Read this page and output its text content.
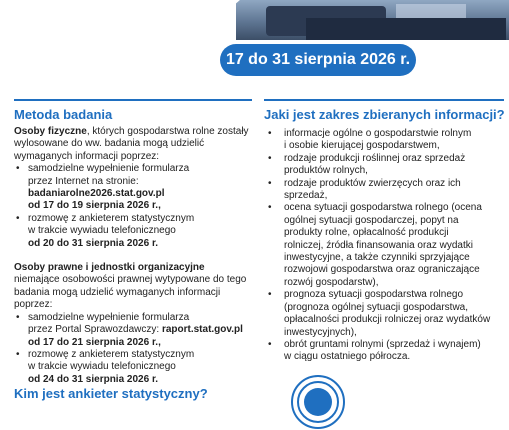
17 do 31 sierpnia 2026 r.
Metoda badania	Jaki jest zakres zbieranych informacji?

Osoby fizyczne, których gospodarstwa rolne zostały wylosowane do ww. badania mogą udzielić wymaganych informacji poprzez:

• samodzielne wypełnienie formularza
przez Internet na stronie:
badaniarolne2026.stat.gov.pl
od 17 do 19 sierpnia 2026 r.,
• rozmowę z ankieterem statystycznym
w trakcie wywiadu telefonicznego
od 20 do 31 sierpnia 2026 r.

Osoby prawne i jednostki organizacyjne niemające osobowości prawnej wytypowane do tego badania mogą udzielić wymaganych informacji poprzez:

• samodzielne wypełnienie formularza
przez Portal Sprawozdawczy: raport.stat.gov.pl
od 17 do 21 sierpnia 2026 r.,
• rozmowę z ankieterem statystycznym
w trakcie wywiadu telefonicznego
od 24 do 31 sierpnia 2026 r.
Kim jest ankieter statystyczny?
• informacje ogólne o gospodarstwie rolnym
i osobie kierującej gospodarstwem,
• rodzaje produkcji roślinnej oraz sprzedaż
produktów rolnych,
• rodzaje produktów zwierzęcych oraz ich
sprzedaż,
• ocena sytuacji gospodarstwa rolnego (ocena
ogólnej sytuacji gospodarczej, popyt na
produkty rolne, opłacalność produkcji
rolniczej, źródła finansowania oraz wydatki
inwestycyjne, a także czynniki sprzyjające
rozwojowi gospodarstwa oraz ograniczające
rozwój gospodarstw),
• prognoza sytuacji gospodarstwa rolnego
(prognoza ogólnej sytuacji gospodarstwa,
opłacalności produkcji rolniczej oraz wydatków
inwestycyjnych),
• obrót gruntami rolnymi (sprzedaż i wynajem)
w ciągu ostatniego półrocza.
